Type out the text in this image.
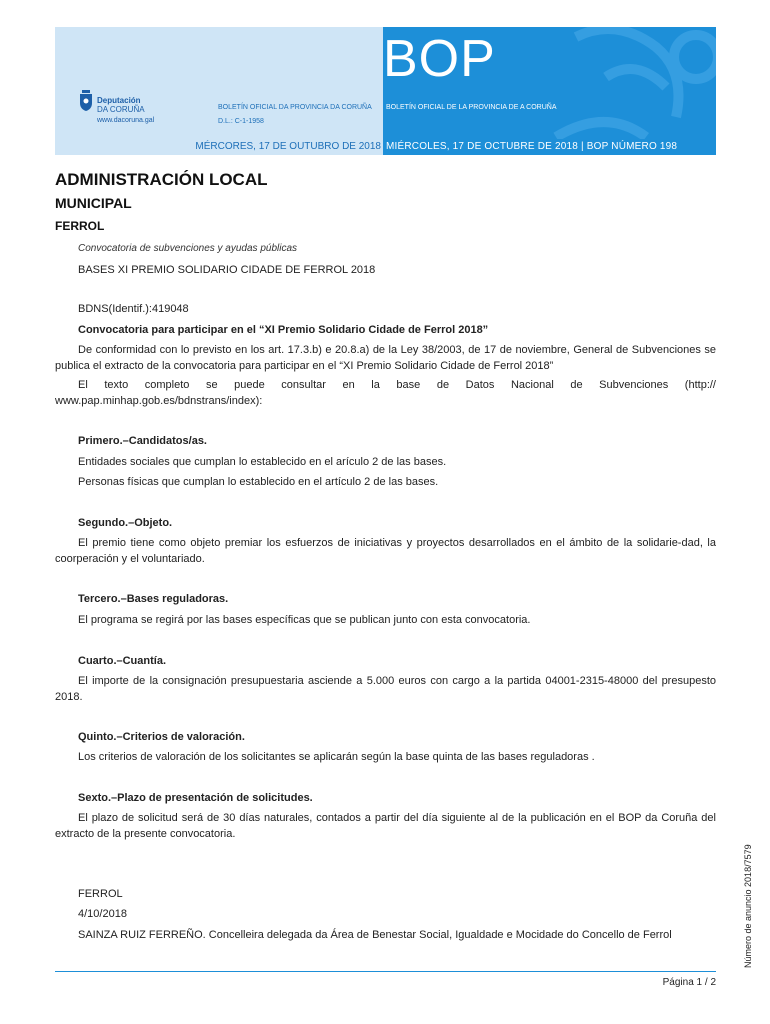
BOP
Deputación
DA CORUÑA
www.dacoruna.gal
BOLETÍN OFICIAL DA PROVINCIA DA CORUÑA
D.L.: C-1-1958
BOLETÍN OFICIAL DE LA PROVINCIA DE A CORUÑA
MÉRCORES, 17 DE OUTUBRO DE 2018 MIÉRCOLES, 17 DE OCTUBRE DE 2018 | BOP NÚMERO 198
ADMINISTRACIÓN LOCAL
MUNICIPAL
FERROL
Convocatoria de subvenciones y ayudas públicas
BASES XI PREMIO SOLIDARIO CIDADE DE FERROL 2018
BDNS(Identif.):419048
Convocatoria para participar en el “XI Premio Solidario Cidade de Ferrol 2018”
De conformidad con lo previsto en los art. 17.3.b) e 20.8.a) de la Ley 38/2003, de 17 de noviembre, General de Subvenciones se publica el extracto de la convocatoria para participar en el “XI Premio Solidario Cidade de Ferrol 2018”
El texto completo se puede consultar en la base de Datos Nacional de Subvenciones (http:// www.pap.minhap.gob.es/bdnstrans/index):
Primero.–Candidatos/as.
Entidades sociales que cumplan lo establecido en el arículo 2 de las bases.
Personas físicas que cumplan lo establecido en el artículo 2 de las bases.
Segundo.–Objeto.
El premio tiene como objeto premiar los esfuerzos de iniciativas y proyectos desarrollados en el ámbito de la solidarie-dad, la coorperación y el voluntariado.
Tercero.–Bases reguladoras.
El programa se regirá por las bases específicas que se publican junto con esta convocatoria.
Cuarto.–Cuantía.
El importe de la consignación presupuestaria asciende a 5.000 euros con cargo a la partida 04001-2315-48000 del presupesto 2018.
Quinto.–Criterios de valoración.
Los criterios de valoración de los solicitantes se aplicarán según la base quinta de las bases reguladoras .
Sexto.–Plazo de presentación de solicitudes.
El plazo de solicitud será de 30 días naturales, contados a partir del día siguiente al de la publicación en el BOP da Coruña del extracto de la presente convocatoria.
FERROL
4/10/2018
SAINZA RUIZ FERREÑO. Concelleira delegada da Área de Benestar Social, Igualdade e Mocidade do Concello de Ferrol
Página 1 / 2
Número de anuncio 2018/7579
